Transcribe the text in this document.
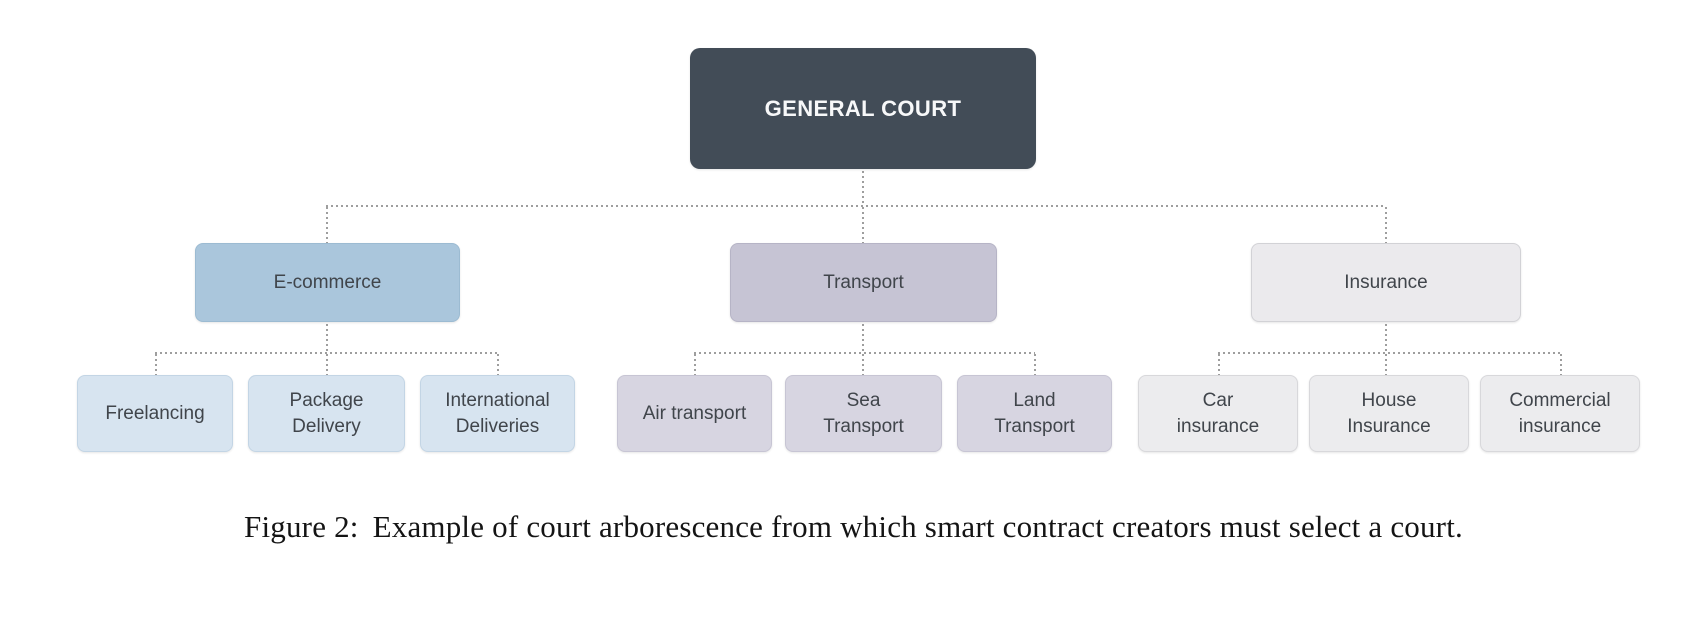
GENERAL COURT
E-commerce	Transport	Insurance
Freelancing
Package
Delivery
International
Deliveries
Air transport
Sea
Transport
Land
Transport
Car
insurance
House
Insurance
Commercial
insurance
Figure 2: Example of court arborescence from which smart contract creators must select a court.
